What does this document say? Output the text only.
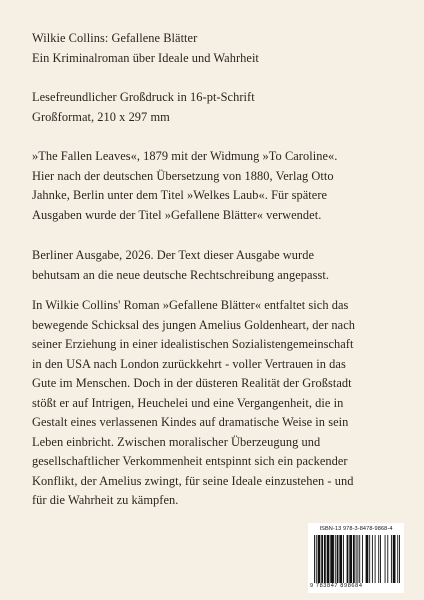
Wilkie Collins: Gefallene Blätter
Ein Kriminalroman über Ideale und Wahrheit
Lesefreundlicher Großdruck in 16-pt-Schrift
Großformat, 210 x 297 mm
»The Fallen Leaves«, 1879 mit der Widmung »To Caroline«.
Hier nach der deutschen Übersetzung von 1880, Verlag Otto
Jahnke, Berlin unter dem Titel »Welkes Laub«. Für spätere
Ausgaben wurde der Titel »Gefallene Blätter« verwendet.
Berliner Ausgabe, 2026. Der Text dieser Ausgabe wurde
behutsam an die neue deutsche Rechtschreibung angepasst.
In Wilkie Collins' Roman »Gefallene Blätter« entfaltet sich das
bewegende Schicksal des jungen Amelius Goldenheart, der nach
seiner Erziehung in einer idealistischen Sozialistengemeinschaft
in den USA nach London zurückkehrt - voller Vertrauen in das
Gute im Menschen. Doch in der düsteren Realität der Großstadt
stößt er auf Intrigen, Heuchelei und eine Vergangenheit, die in
Gestalt eines verlassenen Kindes auf dramatische Weise in sein
Leben einbricht. Zwischen moralischer Überzeugung und
gesellschaftlicher Verkommenheit entspinnt sich ein packender
Konflikt, der Amelius zwingt, für seine Ideale einzustehen - und
für die Wahrheit zu kämpfen.
ISBN-13 978-3-8478-9868-4
9 783847 898684
